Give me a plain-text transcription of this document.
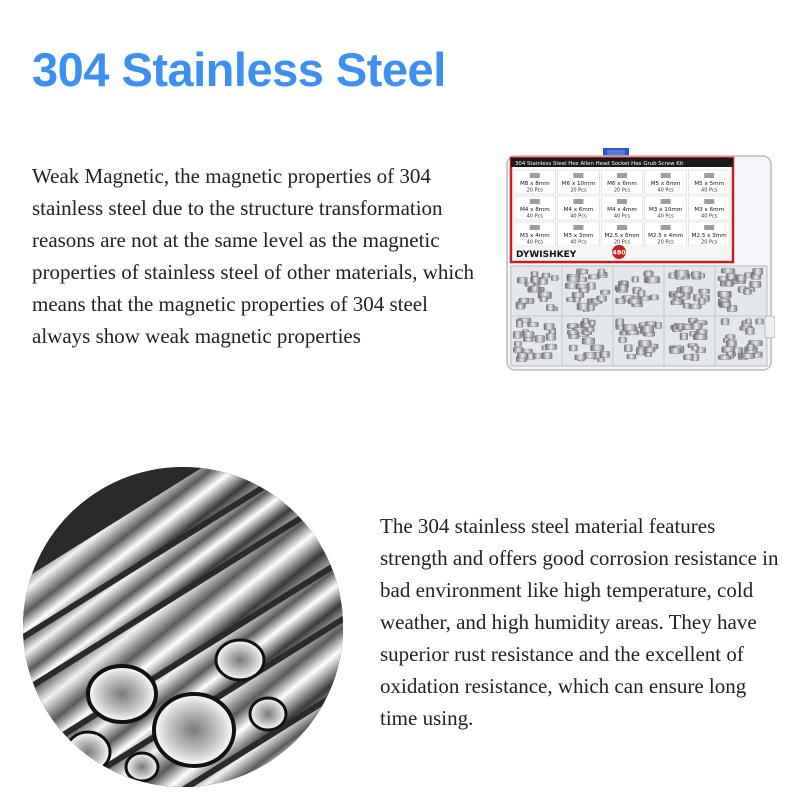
304 Stainless Steel
Weak Magnetic, the magnetic properties of 304 stainless steel due to the structure transformation reasons are not at the same level as the magnetic properties of stainless steel of other materials, which means that the magnetic properties of 304 steel always show weak magnetic properties
304 Stainless Steel Hex Allen Head Socket Hex Grub Screw Kit
M8 x 8mm
20 Pcs
M6 x 10mm
20 Pcs
M6 x 6mm
20 Pcs
M5 x 8mm
40 Pcs
M5 x 5mm
40 Pcs
M4 x 8mm
40 Pcs
M4 x 6mm
40 Pcs
M4 x 4mm
40 Pcs
M3 x 10mm
40 Pcs
M3 x 6mm
40 Pcs
M3 x 4mm
40 Pcs
M3 x 3mm
40 Pcs
M2.5 x 6mm
20 Pcs
M2.5 x 4mm
20 Pcs
M2.5 x 3mm
20 Pcs
DYWISHKEY	480
The 304 stainless steel material features strength and offers good corrosion resistance in bad environment like high temperature, cold weather, and high humidity areas. They have superior rust resistance and the excellent of oxidation resistance, which can ensure long time using.
